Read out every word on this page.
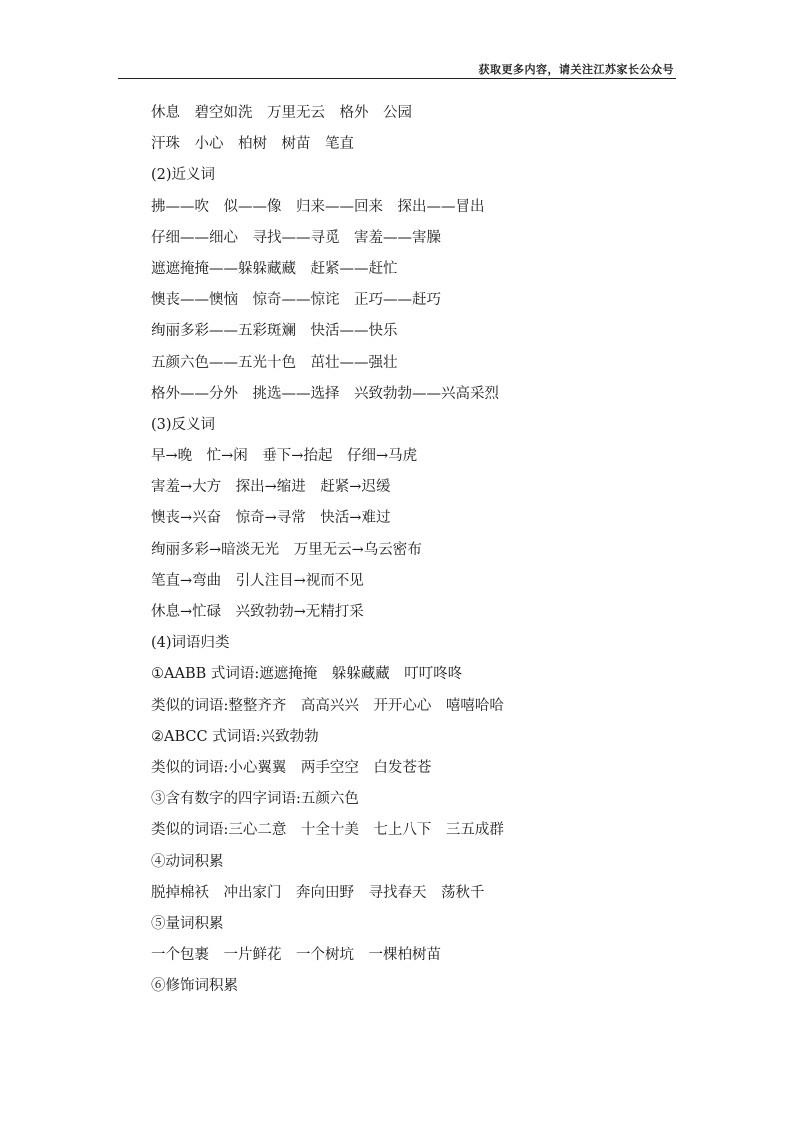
获取更多内容，请关注江苏家长公众号
休息　碧空如洗　万里无云　格外　公园
汗珠　小心　柏树　树苗　笔直
(2)近义词
拂——吹　似——像　归来——回来　探出——冒出
仔细——细心　寻找——寻觅　害羞——害臊
遮遮掩掩——躲躲藏藏　赶紧——赶忙
懊丧——懊恼　惊奇——惊诧　正巧——赶巧
绚丽多彩——五彩斑斓　快活——快乐
五颜六色——五光十色　茁壮——强壮
格外——分外　挑选——选择　兴致勃勃——兴高采烈
(3)反义词
早→晚　忙→闲　垂下→抬起　仔细→马虎
害羞→大方　探出→缩进　赶紧→迟缓
懊丧→兴奋　惊奇→寻常　快活→难过
绚丽多彩→暗淡无光　万里无云→乌云密布
笔直→弯曲　引人注目→视而不见
休息→忙碌　兴致勃勃→无精打采
(4)词语归类
①AABB 式词语:遮遮掩掩　躲躲藏藏　叮叮咚咚
类似的词语:整整齐齐　高高兴兴　开开心心　嘻嘻哈哈
②ABCC 式词语:兴致勃勃
类似的词语:小心翼翼　两手空空　白发苍苍
③含有数字的四字词语:五颜六色
类似的词语:三心二意　十全十美　七上八下　三五成群
④动词积累
脱掉棉袄　冲出家门　奔向田野　寻找春天　荡秋千
⑤量词积累
一个包裹　一片鲜花　一个树坑　一棵柏树苗
⑥修饰词积累
